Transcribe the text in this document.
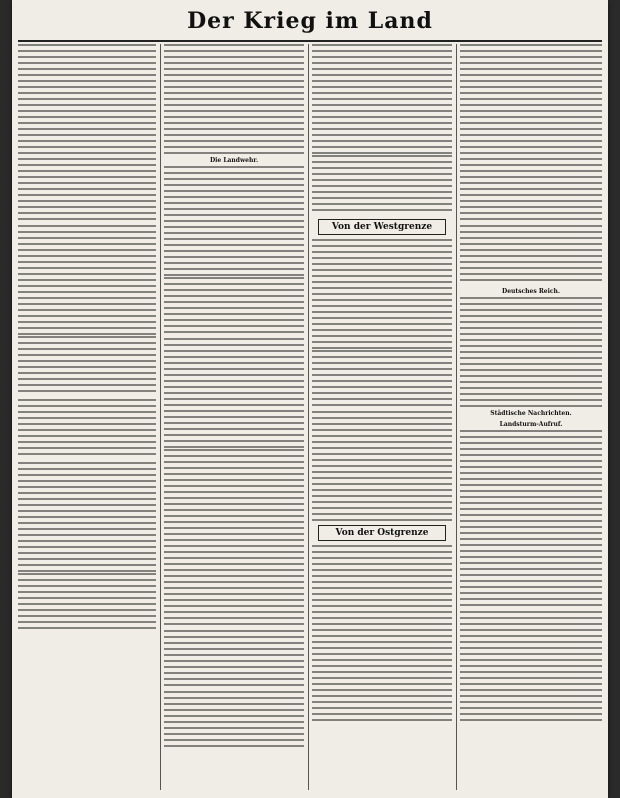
Der Krieg im Land
Die Landwehr.
Von der Westgrenze
Von der Ostgrenze
Deutsches Reich.
Städtische Nachrichten.
Landsturm-Aufruf.
